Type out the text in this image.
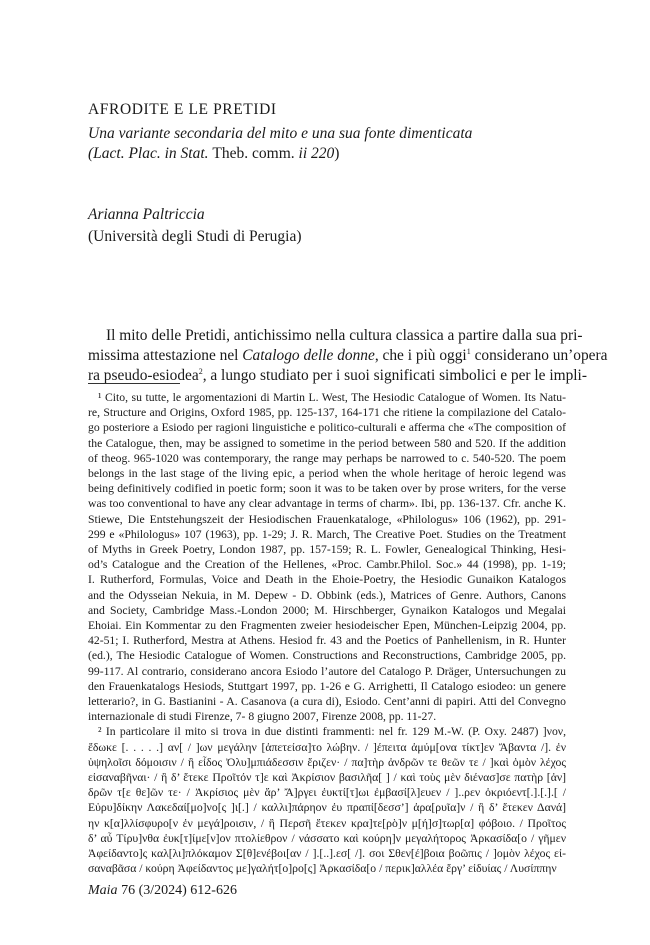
AFRODITE E LE PRETIDI
Una variante secondaria del mito e una sua fonte dimenticata
(Lact. Plac. in Stat. Theb. comm. ii 220)
Arianna Paltriccia
(Università degli Studi di Perugia)
Il mito delle Pretidi, antichissimo nella cultura classica a partire dalla sua pri-
missima attestazione nel Catalogo delle donne, che i più oggi$^1$ considerano un’opera
ra pseudo-esiodea$^2$, a lungo studiato per i suoi significati simbolici e per le impli-
¹ Cito, su tutte, le argomentazioni di Martin L. West, The Hesiodic Catalogue of Women. Its Natu-
re, Structure and Origins, Oxford 1985, pp. 125-137, 164-171 che ritiene la compilazione del Catalo-
go posteriore a Esiodo per ragioni linguistiche e politico-culturali e afferma che «The composition of
the Catalogue, then, may be assigned to sometime in the period between 580 and 520. If the addition
of theog. 965-1020 was contemporary, the range may perhaps be narrowed to c. 540-520. The poem
belongs in the last stage of the living epic, a period when the whole heritage of heroic legend was
being definitively codified in poetic form; soon it was to be taken over by prose writers, for the verse
was too conventional to have any clear advantage in terms of charm». Ibi, pp. 136-137. Cfr. anche K.
Stiewe, Die Entstehungszeit der Hesiodischen Frauenkataloge, «Philologus» 106 (1962), pp. 291-
299 e «Philologus» 107 (1963), pp. 1-29; J. R. March, The Creative Poet. Studies on the Treatment
of Myths in Greek Poetry, London 1987, pp. 157-159; R. L. Fowler, Genealogical Thinking, Hesi-
od’s Catalogue and the Creation of the Hellenes, «Proc. Cambr.Philol. Soc.» 44 (1998), pp. 1-19;
I. Rutherford, Formulas, Voice and Death in the Ehoie-Poetry, the Hesiodic Gunaikon Katalogos
and the Odysseian Nekuia, in M. Depew - D. Obbink (eds.), Matrices of Genre. Authors, Canons
and Society, Cambridge Mass.-London 2000; M. Hirschberger, Gynaikon Katalogos und Megalai
Ehoiai. Ein Kommentar zu den Fragmenten zweier hesiodeischer Epen, München-Leipzig 2004, pp.
42-51; I. Rutherford, Mestra at Athens. Hesiod fr. 43 and the Poetics of Panhellenism, in R. Hunter
(ed.), The Hesiodic Catalogue of Women. Constructions and Reconstructions, Cambridge 2005, pp.
99-117. Al contrario, considerano ancora Esiodo l’autore del Catalogo P. Dräger, Untersuchungen zu
den Frauenkatalogs Hesiods, Stuttgart 1997, pp. 1-26 e G. Arrighetti, Il Catalogo esiodeo: un genere
letterario?, in G. Bastianini - A. Casanova (a cura di), Esiodo. Cent’anni di papiri. Atti del Convegno
internazionale di studi Firenze, 7- 8 giugno 2007, Firenze 2008, pp. 11-27.
² In particolare il mito si trova in due distinti frammenti: nel fr. 129 M.-W. (P. Oxy. 2487) ]νον,
ἔδωκε [. . . . .] αν[ / ]ων μεγάλην [ἀπετείσα]το λώβην. / ]έπειτα ἀμύμ[ονα τίκτ]εν Ἄβαντα /]. ἐν
ὑψηλοῖσι δόμοισιν / ἢ εἶδος Ὀλυ]μπιάδεσσιν ἔριζεν· / πα]τὴρ ἀνδρῶν τε θεῶν τε / ]καὶ ὁμὸν λέχος
εἰσαναβῆναι· / ἣ δ’ ἔτεκε Προῖτόν τ]ε καὶ Ἀκρίσιον βασιλῆα[ ] / καὶ τοὺς μὲν διένασ]σε πατὴρ [ἀν]
δρῶν τ[ε θε]ῶν τε· / Ἀκρίσιος μὲν ἄρ’ Ἄ]ργει ἐυκτί[τ]ωι ἐμβασί[λ]ευεν / ]..ρεν ὀκριόεντ[.].[.].[ /
Εὐρυ]δίκην Λακεδαί[μο]νο[ς ]ι[.] / καλλι]πάρηον ἐυ πραπί[δεσσ’] ἀρα[ρυῖα]ν / ἣ δ’ ἔτεκεν Δανά]
ην κ[α]λλίσφυρο[ν ἐν μεγά]ροισιν, / ἣ Περσῆ ἔτεκεν κρα]τε[ρὸ]ν μ[ή]σ]τωρ[α] φόβοιο. / Προῖτος
δ’ αὖ Τίρυ]νθα ἐυκ[τ]ίμε[ν]ον πτολίεθρον / νάσσατο καὶ κούρη]ν μεγαλήτορος Ἀρκασίδα[ο / γῆμεν
Ἀφείδαντο]ς καλ[λι]πλόκαμον Σ[θ]ενέβοι[αν / ].[..].εσ[ /]. σοι Σθεν[έ]βοια βοῶπις / ]ομὸν λέχος εἰ-
σαναβᾶσα / κούρη Ἀφείδαντος με]γαλήτ[ο]ρο[ς] Ἀρκασίδα[ο / περικ]αλλέα ἔργ’ εἰδυίας / Λυσίππην
Maia 76 (3/2024) 612-626
